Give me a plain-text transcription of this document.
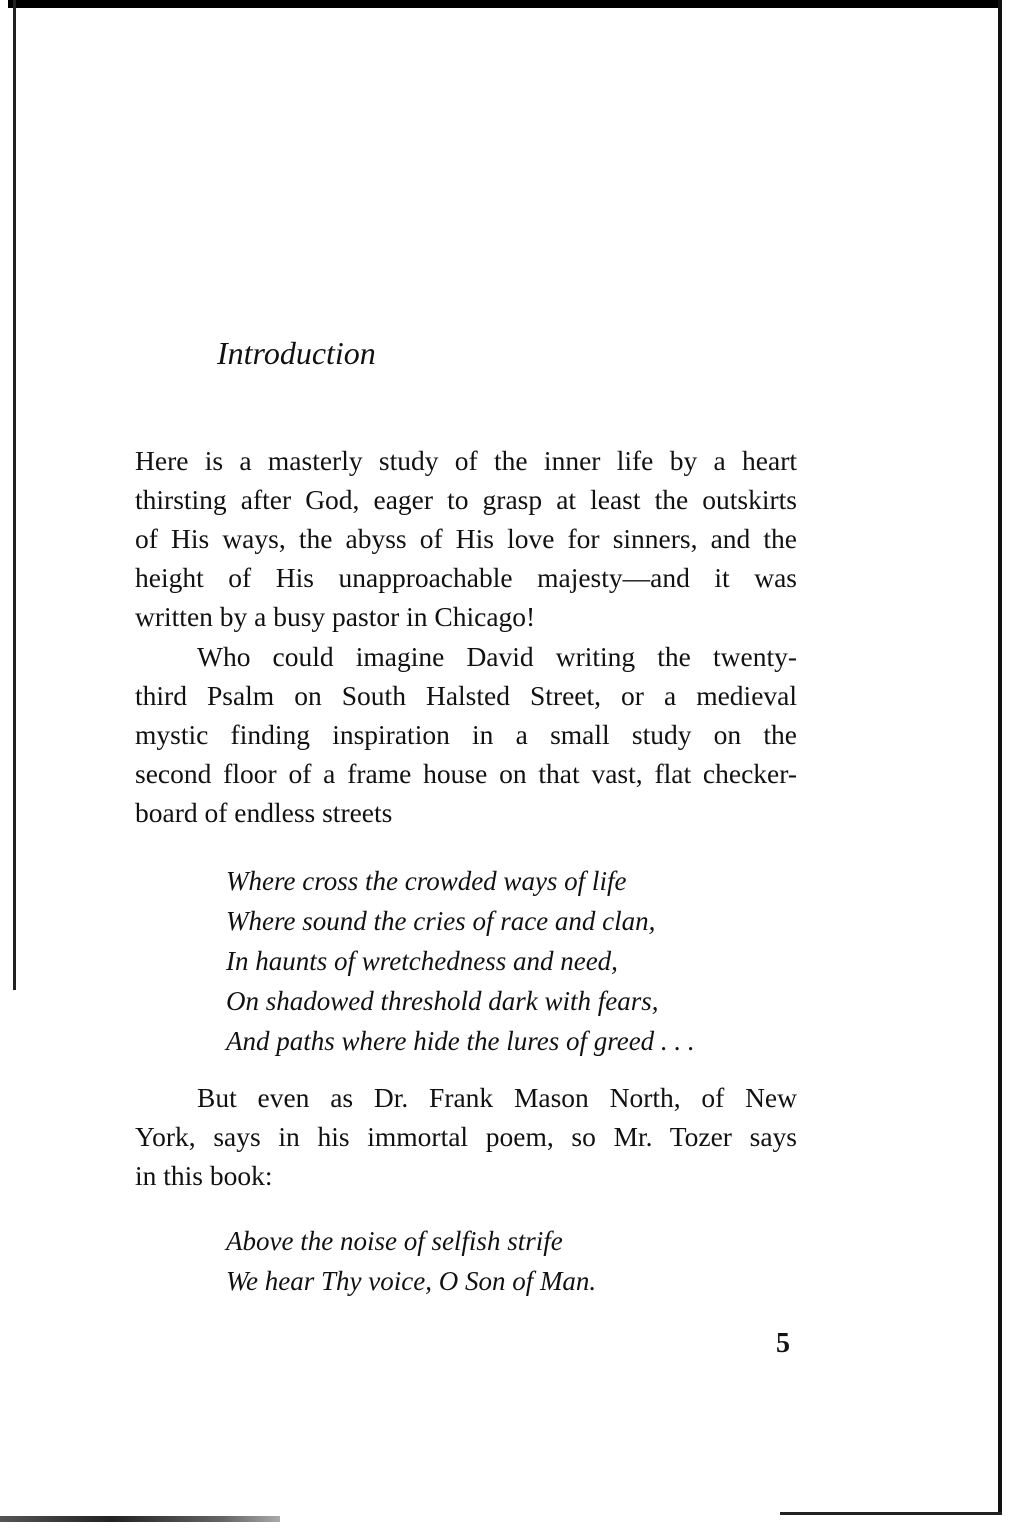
Introduction
Here is a masterly study of the inner life by a heart
thirsting after God, eager to grasp at least the outskirts
of His ways, the abyss of His love for sinners, and the
height of His unapproachable majesty—and it was
written by a busy pastor in Chicago!
Who could imagine David writing the twenty-
third Psalm on South Halsted Street, or a medieval
mystic finding inspiration in a small study on the
second floor of a frame house on that vast, flat checker-
board of endless streets
Where cross the crowded ways of life
Where sound the cries of race and clan,
In haunts of wretchedness and need,
On shadowed threshold dark with fears,
And paths where hide the lures of greed . . .
But even as Dr. Frank Mason North, of New
York, says in his immortal poem, so Mr. Tozer says
in this book:
Above the noise of selfish strife
We hear Thy voice, O Son of Man.
5
